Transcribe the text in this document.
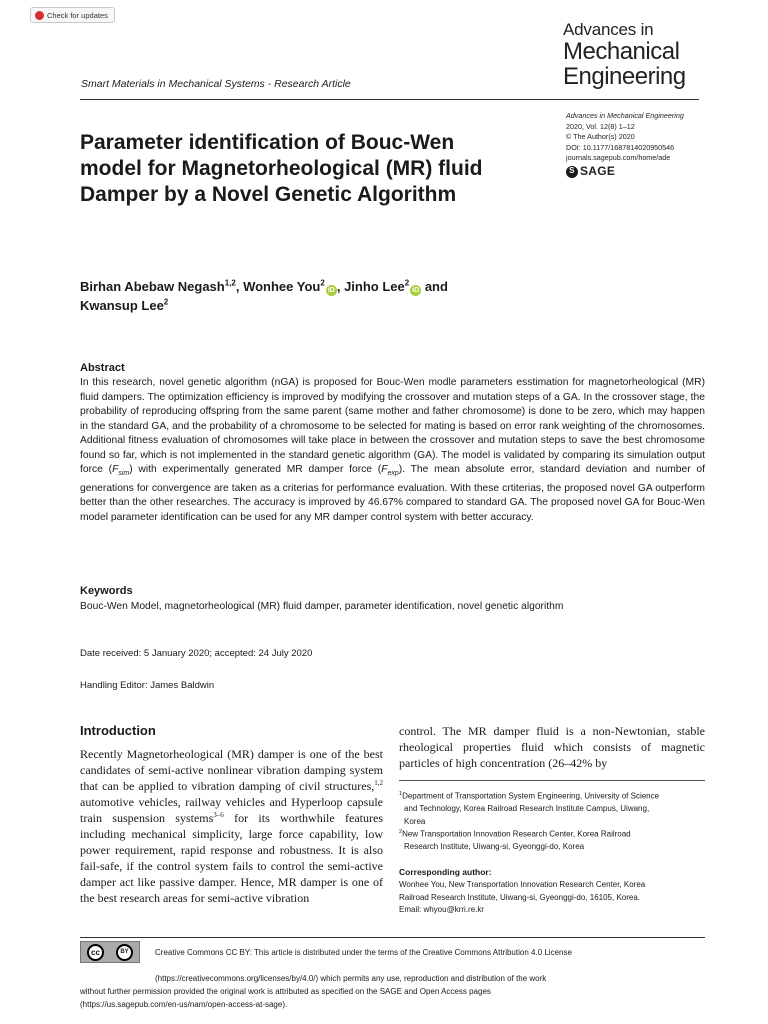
Check for updates
Advances in
Mechanical
Engineering
Smart Materials in Mechanical Systems - Research Article
Advances in Mechanical Engineering
2020, Vol. 12(8) 1–12
© The Author(s) 2020
DOI: 10.1177/1687814020950546
journals.sagepub.com/home/ade
S SAGE
Parameter identification of Bouc-Wen model for Magnetorheological (MR) fluid Damper by a Novel Genetic Algorithm
Birhan Abebaw Negash$^{1,2}$, Wonhee You$^2$iD , Jinho Lee$^2$iD and
Kwansup Lee$^2$
Abstract
In this research, novel genetic algorithm (nGA) is proposed for Bouc-Wen modle parameters esstimation for magnetorheological (MR) fluid dampers. The optimization efficiency is improved by modifying the crossover and mutation steps of a GA. In the crossover stage, the probability of reproducing offspring from the same parent (same mother and father chromosome) is done to be zero, which may happen in the standard GA, and the probability of a chromosome to be selected for mating is based on error rank weighting of the chromosomes. Additional fitness evaluation of chromosomes will take place in between the crossover and mutation steps to save the best chromosome found so far, which is not implemented in the standard genetic algorithm (GA). The model is validated by comparing its simulation output force $(F_{sim})$ with experimentally generated MR damper force $(F_{exp})$. The mean absolute error, standard deviation and number of generations for convergence are taken as a criterias for performance evaluation. With these crtiterias, the proposed novel GA outperform better than the other researches. The accuracy is improved by 46.67% compared to standard GA. The proposed novel GA for Bouc-Wen model parameter identification can be used for any MR damper control system with better accuracy.
Keywords
Bouc-Wen Model, magnetorheological (MR) fluid damper, parameter identification, novel genetic algorithm
Date received: 5 January 2020; accepted: 24 July 2020
Handling Editor: James Baldwin
Introduction
Recently Magnetorheological (MR) damper is one of the best candidates of semi-active nonlinear vibration damping system that can be applied to vibration damping of civil structures,$^{1,2}$ automotive vehicles, railway vehicles and Hyperloop capsule train suspension systems$^{3-6}$ for its worthwhile features including mechanical simplicity, large force capability, low power requirement, rapid response and robustness. It is also fail-safe, if the control system fails to control the semi-active damper act like passive damper. Hence, MR damper is one of the best research areas for semi-active vibration
control. The MR damper fluid is a non-Newtonian, stable rheological properties fluid which consists of magnetic particles of high concentration (26–42% by
$^1$Department of Transportation System Engineering, University of Science
and Technology, Korea Railroad Research Institute Campus, Uiwang,
Korea
$^2$New Transportation Innovation Research Center, Korea Railroad
Research Institute, Uiwang-si, Gyeonggi-do, Korea
Corresponding author:
Wonhee You, New Transportation Innovation Research Center, Korea
Railroad Research Institute, Uiwang-si, Gyeonggi-do, 16105, Korea.
Email: whyou@krri.re.kr
cc	BY	Creative Commons CC BY: This article is distributed under the terms of the Creative Commons Attribution 4.0 License
(https://creativecommons.org/licenses/by/4.0/) which permits any use, reproduction and distribution of the work
without further permission provided the original work is attributed as specified on the SAGE and Open Access pages
(https://us.sagepub.com/en-us/nam/open-access-at-sage).
